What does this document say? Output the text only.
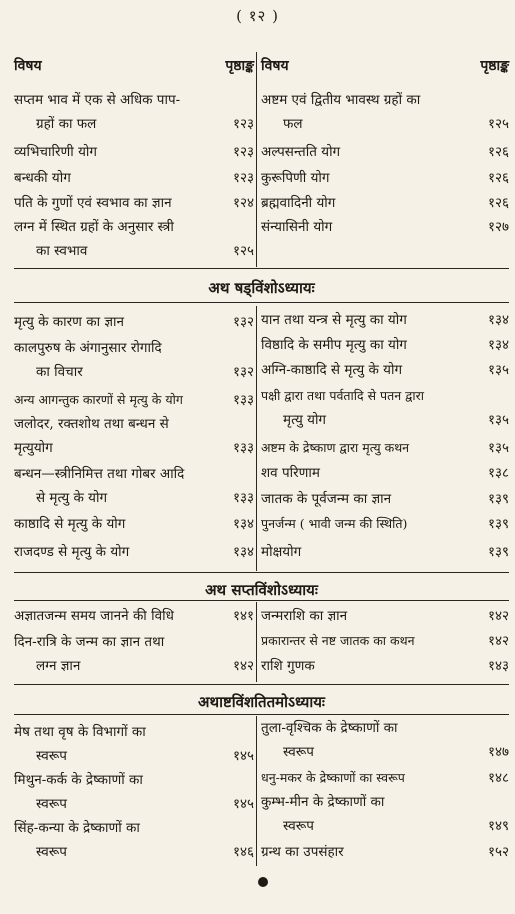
( १२ )
विषय	पृष्ठाङ्क
सप्तम भाव में एक से अधिक पाप-
ग्रहों का फल	१२३
व्यभिचारिणी योग	१२३
बन्धकी योग	१२३
पति के गुणों एवं स्वभाव का ज्ञान	१२४
लग्न में स्थित ग्रहों के अनुसार स्त्री
का स्वभाव	१२५
विषय	पृष्ठाङ्क
अष्टम एवं द्वितीय भावस्थ ग्रहों का
फल	१२५
अल्पसन्तति योग	१२६
कुरूपिणी योग	१२६
ब्रह्मवादिनी योग	१२६
संन्यासिनी योग	१२७
अथ षड्विंशोऽध्यायः
मृत्यु के कारण का ज्ञान	१३२
कालपुरुष के अंगानुसार रोगादि
का विचार	१३२
अन्य आगन्तुक कारणों से मृत्यु के योग	१३३
जलोदर, रक्तशोथ तथा बन्धन से
मृत्युयोग	१३३
बन्धन—स्त्रीनिमित्त तथा गोबर आदि
से मृत्यु के योग	१३३
काष्ठादि से मृत्यु के योग	१३४
राजदण्ड से मृत्यु के योग	१३४
यान तथा यन्त्र से मृत्यु का योग	१३४
विष्ठादि के समीप मृत्यु का योग	१३४
अग्नि-काष्ठादि से मृत्यु के योग	१३५
पक्षी द्वारा तथा पर्वतादि से पतन द्वारा
मृत्यु योग	१३५
अष्टम के द्रेष्काण द्वारा मृत्यु कथन	१३५
शव परिणाम	१३८
जातक के पूर्वजन्म का ज्ञान	१३९
पुनर्जन्म ( भावी जन्म की स्थिति)	१३९
मोक्षयोग	१३९
अथ सप्तविंशोऽध्यायः
अज्ञातजन्म समय जानने की विधि	१४१
दिन-रात्रि के जन्म का ज्ञान तथा
लग्न ज्ञान	१४२
जन्मराशि का ज्ञान	१४२
प्रकारान्तर से नष्ट जातक का कथन	१४२
राशि गुणक	१४३
अथाष्टविंशतितमोऽध्यायः
मेष तथा वृष के विभागों का
स्वरूप	१४५
मिथुन-कर्क के द्रेष्काणों का
स्वरूप	१४५
सिंह-कन्या के द्रेष्काणों का
स्वरूप	१४६
तुला-वृश्चिक के द्रेष्काणों का
स्वरूप	१४७
धनु-मकर के द्रेष्काणों का स्वरूप	१४८
कुम्भ-मीन के द्रेष्काणों का
स्वरूप	१४९
ग्रन्थ का उपसंहार	१५२
